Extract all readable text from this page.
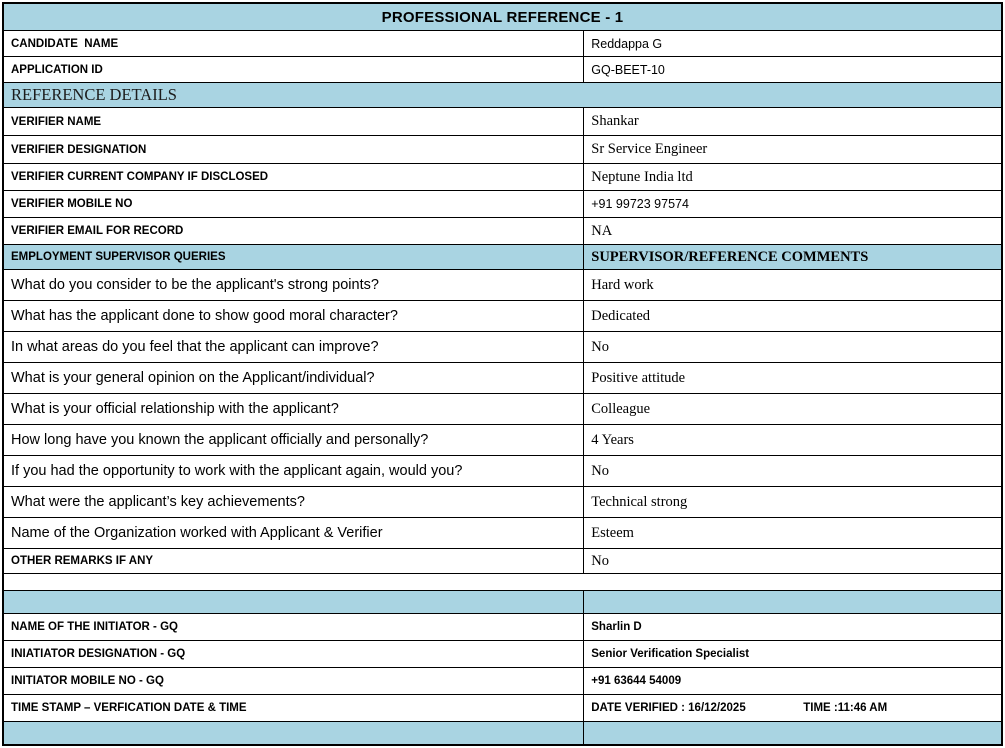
PROFESSIONAL REFERENCE - 1
CANDIDATE  NAME	Reddappa G
APPLICATION ID	GQ-BEET-10
REFERENCE DETAILS
VERIFIER NAME	Shankar
VERIFIER DESIGNATION	Sr Service Engineer
VERIFIER CURRENT COMPANY IF DISCLOSED	Neptune India ltd
VERIFIER MOBILE NO	+91 99723 97574
VERIFIER EMAIL FOR RECORD	NA
EMPLOYMENT SUPERVISOR QUERIES	SUPERVISOR/REFERENCE COMMENTS
What do you consider to be the applicant's strong points?	Hard work
What has the applicant done to show good moral character?	Dedicated
In what areas do you feel that the applicant can improve?	No
What is your general opinion on the Applicant/individual?	Positive attitude
What is your official relationship with the applicant?	Colleague
How long have you known the applicant officially and personally?	4 Years
If you had the opportunity to work with the applicant again, would you?	No
What were the applicant’s key achievements?	Technical strong
Name of the Organization worked with Applicant & Verifier	Esteem
OTHER REMARKS IF ANY	No
NAME OF THE INITIATOR - GQ	Sharlin D
INIATIATOR DESIGNATION - GQ	Senior Verification Specialist
INITIATOR MOBILE NO - GQ	+91 63644 54009
TIME STAMP – VERFICATION DATE & TIME	DATE VERIFIED : 16/12/2025	TIME :11:46 AM
